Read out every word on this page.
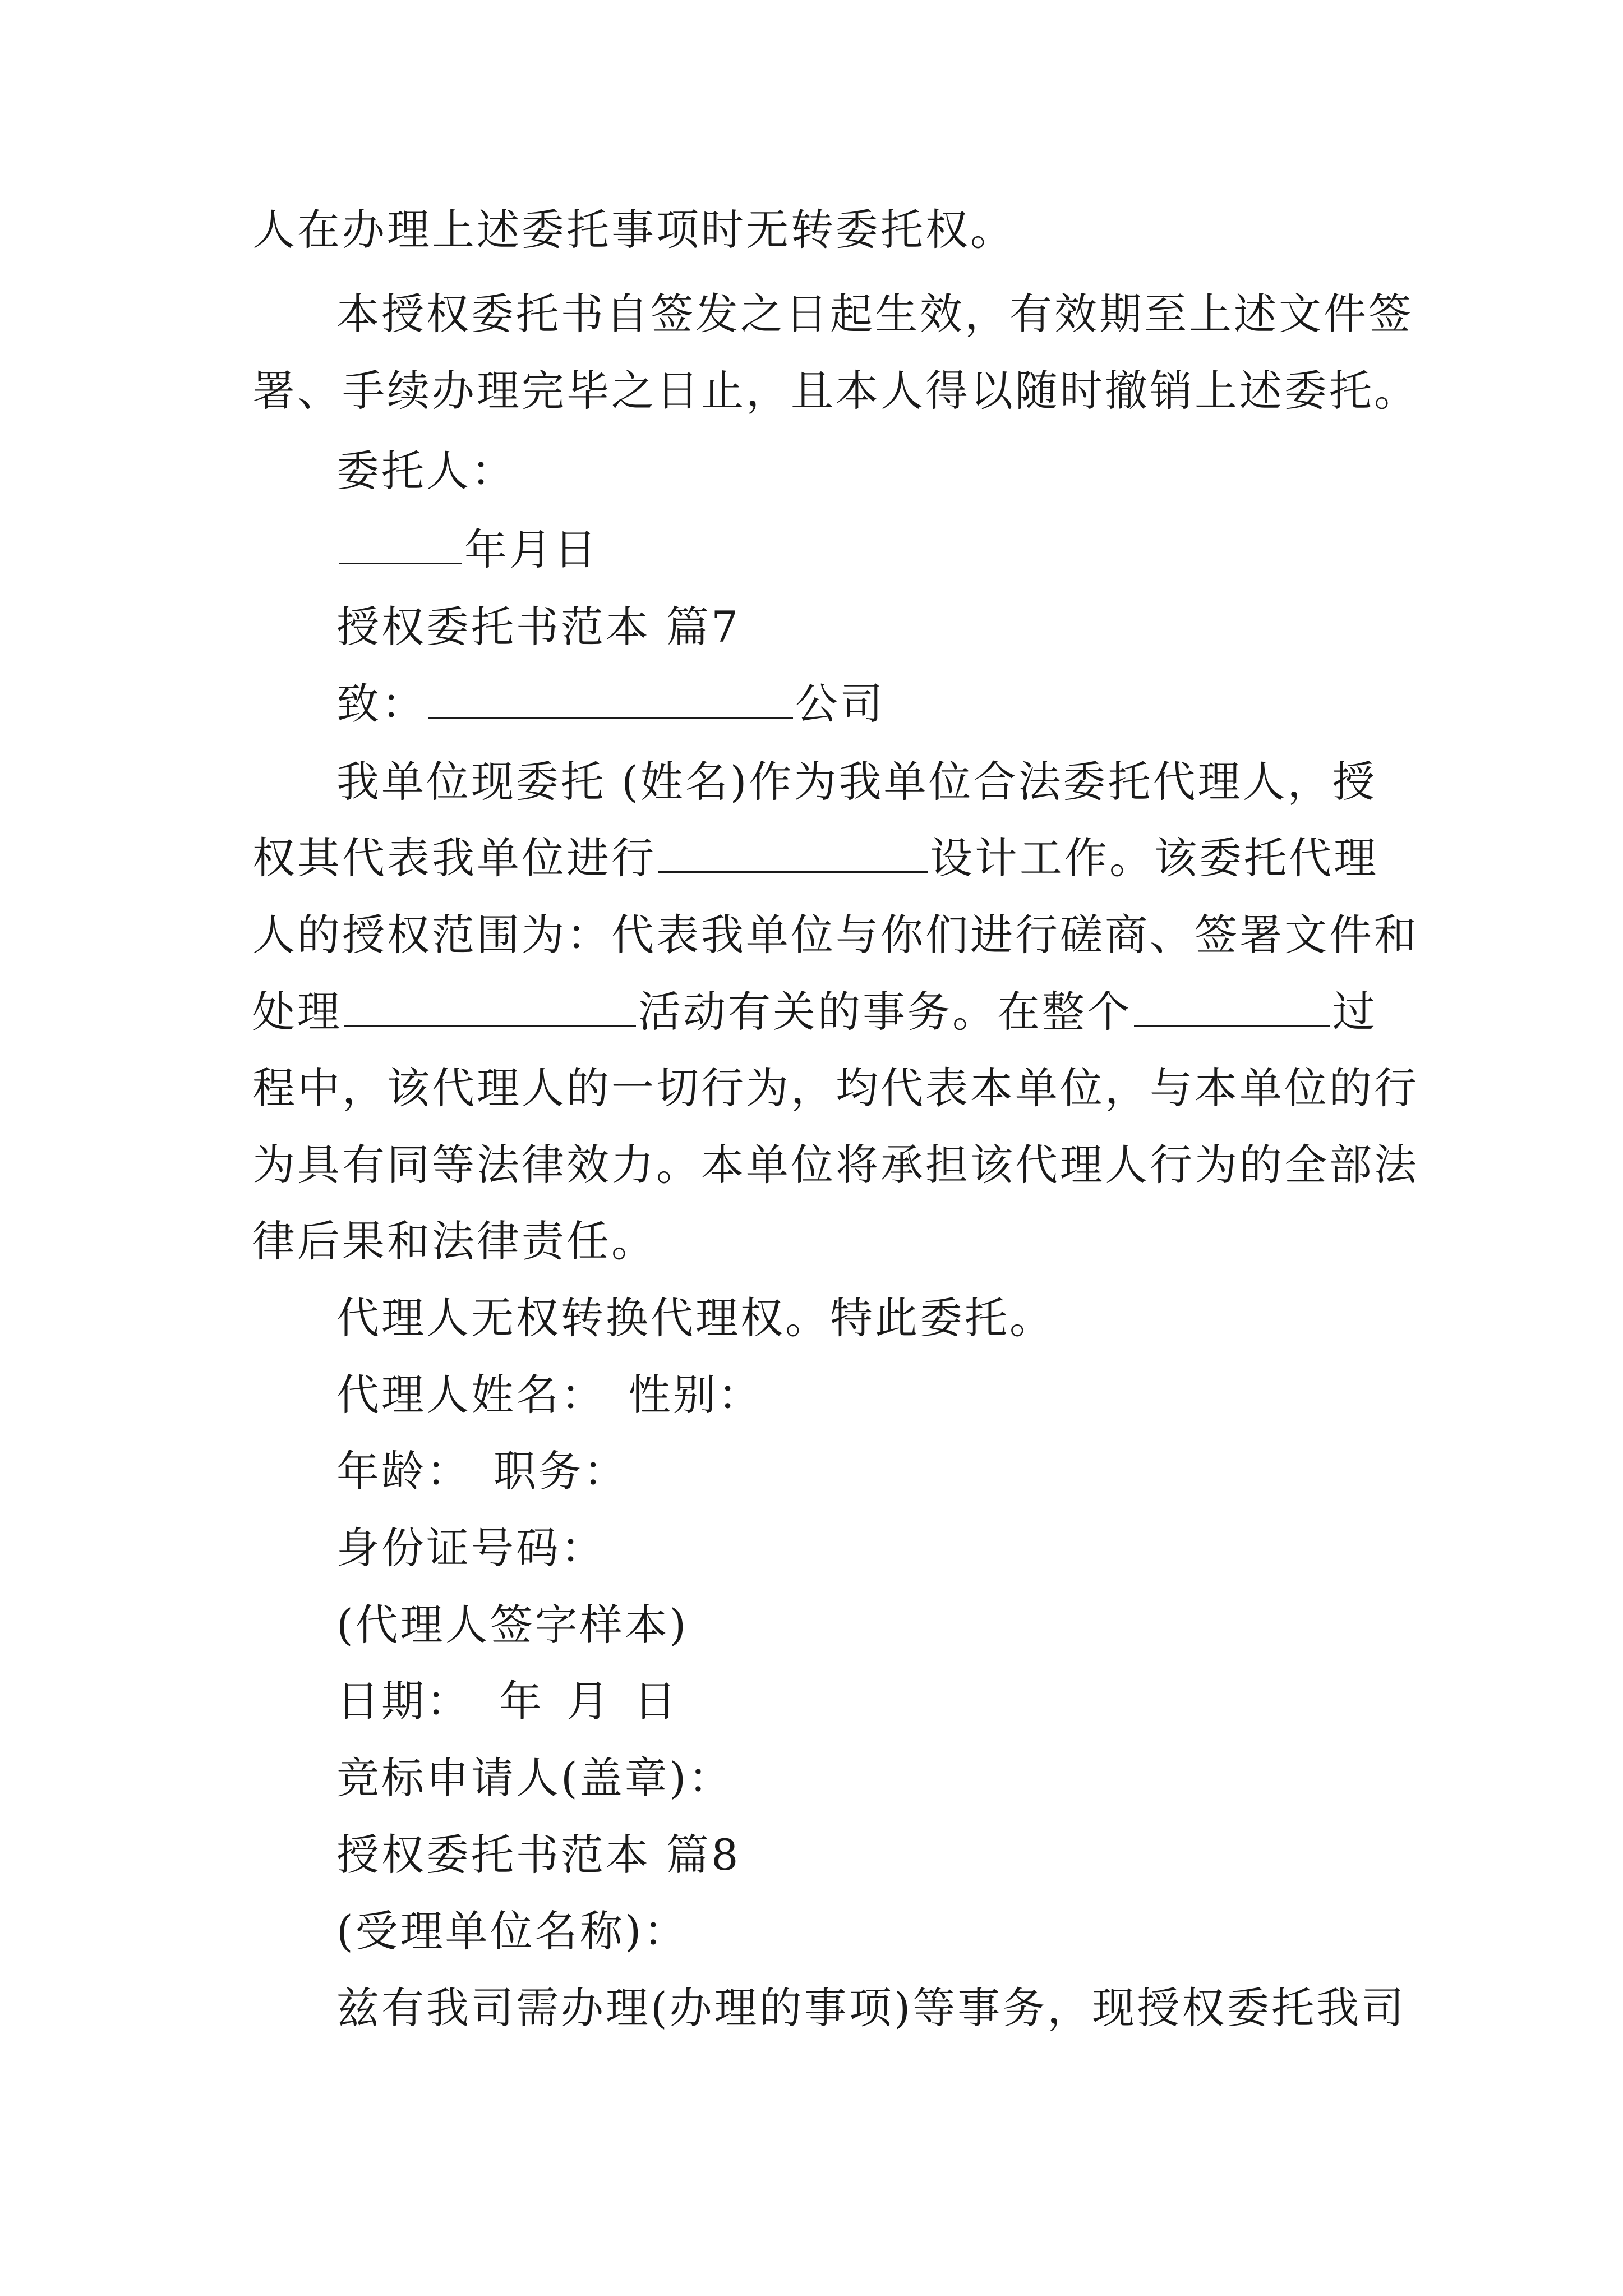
人在办理上述委托事项时无转委托权。
本授权委托书自签发之日起生效，有效期至上述文件签
署、手续办理完毕之日止，且本人得以随时撤销上述委托。
委托人：
年月日
授权委托书范本 篇7
致：	公司
我单位现委托 (姓名)作为我单位合法委托代理人，授
权其代表我单位进行	设计工作。该委托代理
人的授权范围为：代表我单位与你们进行磋商、签署文件和
处理	活动有关的事务。在整个	过
程中，该代理人的一切行为，均代表本单位，与本单位的行
为具有同等法律效力。本单位将承担该代理人行为的全部法
律后果和法律责任。
代理人无权转换代理权。特此委托。
代理人姓名： 性别：
年龄： 职务：
身份证号码：
(代理人签字样本)
日期： 年 月 日
竞标申请人(盖章)：
授权委托书范本 篇8
(受理单位名称)：
兹有我司需办理(办理的事项)等事务，现授权委托我司
